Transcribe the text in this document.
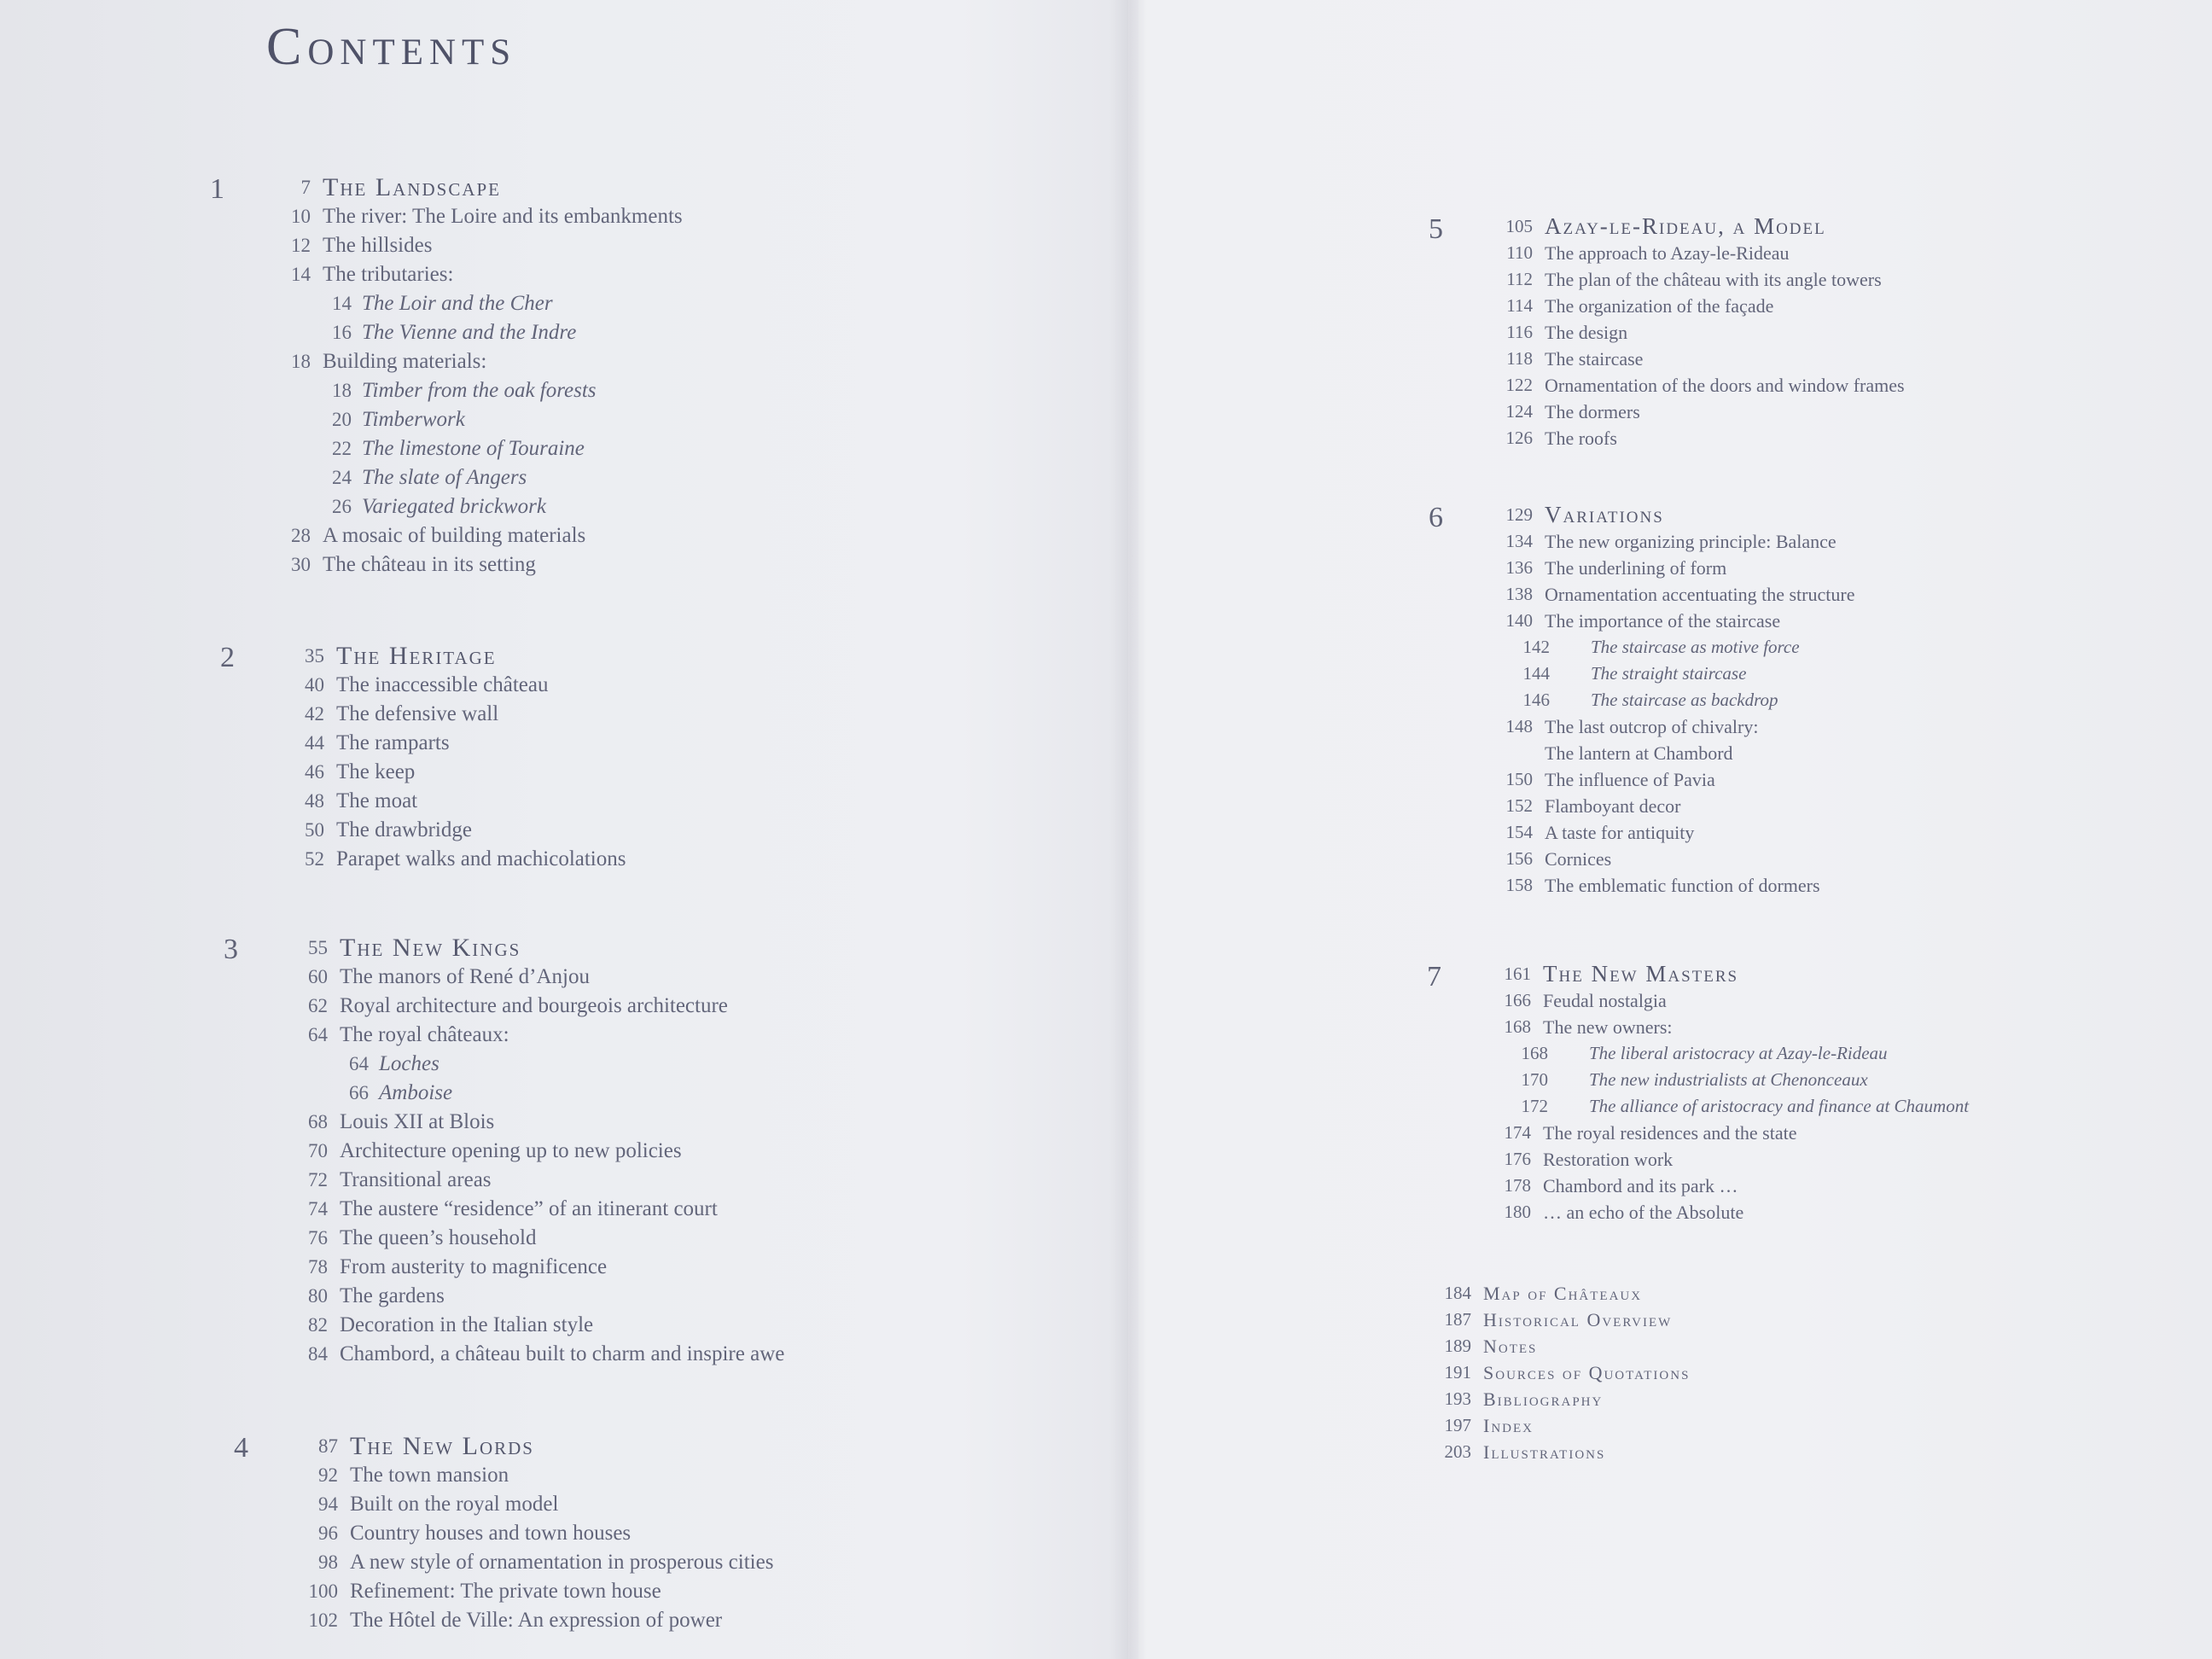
Contents
1	7 The Landscape
10 The river: The Loire and its embankments
12 The hillsides
14 The tributaries:
14 The Loir and the Cher
16 The Vienne and the Indre
18 Building materials:
18 Timber from the oak forests
20 Timberwork
22 The limestone of Touraine
24 The slate of Angers
26 Variegated brickwork
28 A mosaic of building materials
30 The château in its setting
2	35 The Heritage
40 The inaccessible château
42 The defensive wall
44 The ramparts
46 The keep
48 The moat
50 The drawbridge
52 Parapet walks and machicolations
3	55 The New Kings
60 The manors of René d’Anjou
62 Royal architecture and bourgeois architecture
64 The royal châteaux:
64 Loches
66 Amboise
68 Louis XII at Blois
70 Architecture opening up to new policies
72 Transitional areas
74 The austere “residence” of an itinerant court
76 The queen’s household
78 From austerity to magnificence
80 The gardens
82 Decoration in the Italian style
84 Chambord, a château built to charm and inspire awe
4	87 The New Lords
92 The town mansion
94 Built on the royal model
96 Country houses and town houses
98 A new style of ornamentation in prosperous cities
100 Refinement: The private town house
102 The Hôtel de Ville: An expression of power
5	105 Azay-le-Rideau, a Model
110 The approach to Azay-le-Rideau
112 The plan of the château with its angle towers
114 The organization of the façade
116 The design
118 The staircase
122 Ornamentation of the doors and window frames
124 The dormers
126 The roofs
6	129 Variations
134 The new organizing principle: Balance
136 The underlining of form
138 Ornamentation accentuating the structure
140 The importance of the staircase
142 The staircase as motive force
144 The straight staircase
146 The staircase as backdrop
148 The last outcrop of chivalry:
The lantern at Chambord
150 The influence of Pavia
152 Flamboyant decor
154 A taste for antiquity
156 Cornices
158 The emblematic function of dormers
7	161 The New Masters
166 Feudal nostalgia
168 The new owners:
168 The liberal aristocracy at Azay-le-Rideau
170 The new industrialists at Chenonceaux
172 The alliance of aristocracy and finance at Chaumont
174 The royal residences and the state
176 Restoration work
178 Chambord and its park …
180 … an echo of the Absolute
184 Map of Châteaux
187 Historical Overview
189 Notes
191 Sources of Quotations
193 Bibliography
197 Index
203 Illustrations
